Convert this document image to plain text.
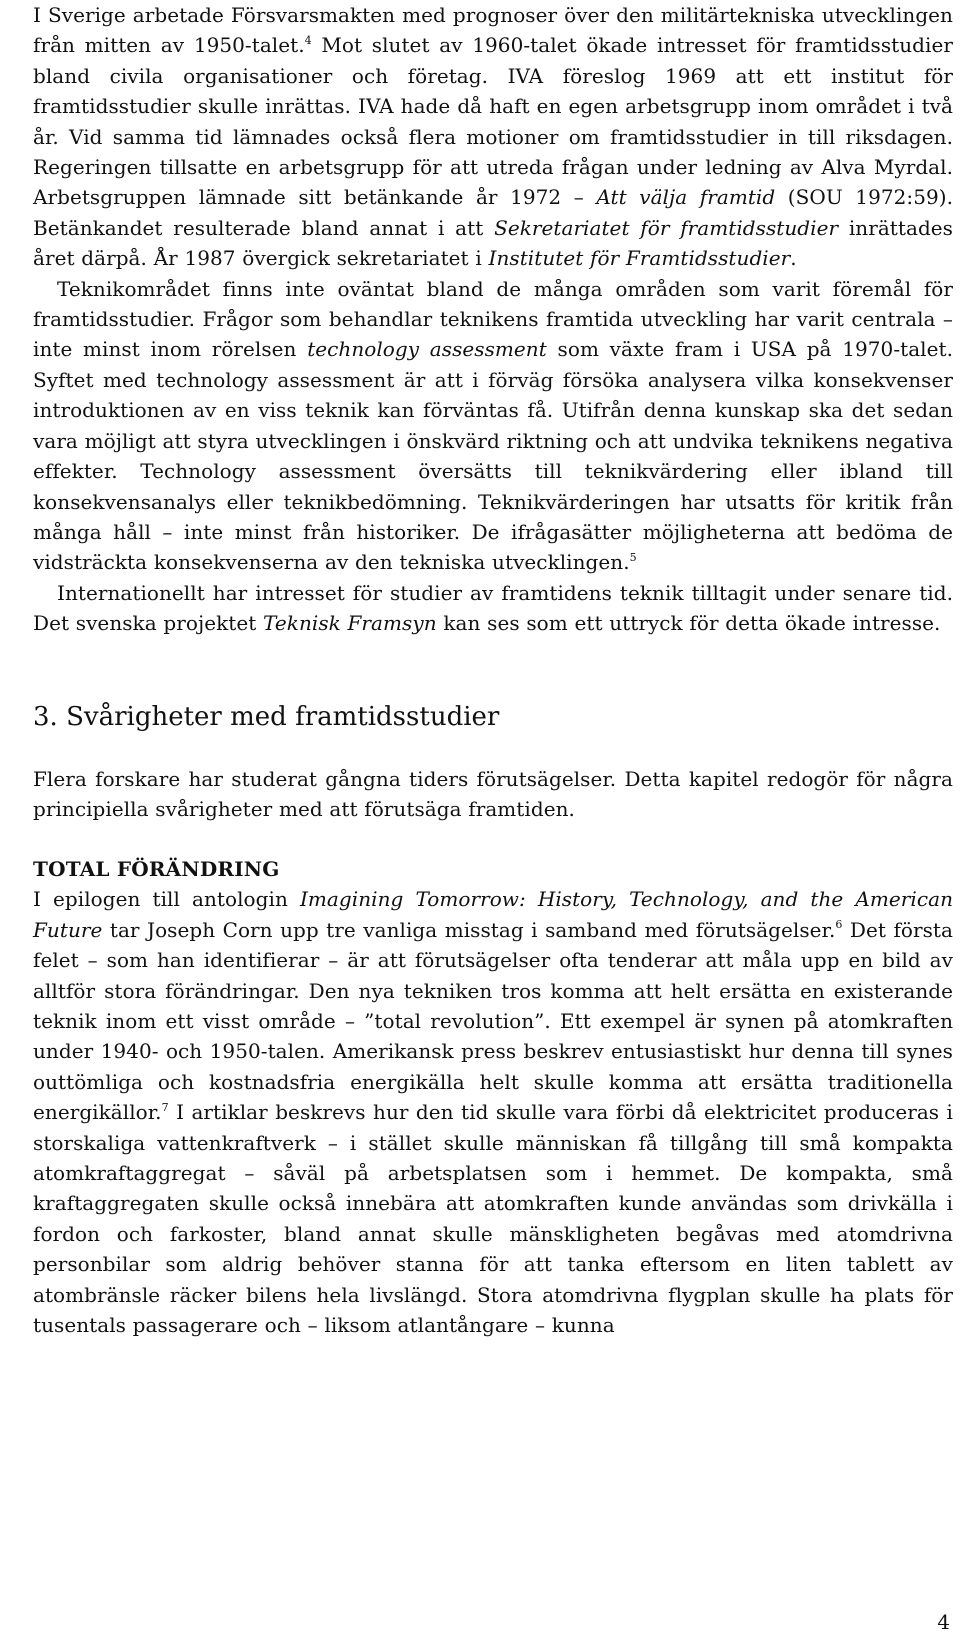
I Sverige arbetade Försvarsmakten med prognoser över den militärtekniska utvecklingen från mitten av 1950-talet.$^4$ Mot slutet av 1960-talet ökade intresset för framtidsstudier bland civila organisationer och företag. IVA föreslog 1969 att ett institut för framtidsstudier skulle inrättas. IVA hade då haft en egen arbetsgrupp inom området i två år. Vid samma tid lämnades också flera motioner om framtidsstudier in till riksdagen. Regeringen tillsatte en arbetsgrupp för att utreda frågan under ledning av Alva Myrdal. Arbetsgruppen lämnade sitt betänkande år 1972 – Att välja framtid (SOU 1972:59). Betänkandet resulterade bland annat i att Sekretariatet för framtidsstudier inrättades året därpå. År 1987 övergick sekretariatet i Institutet för Framtidsstudier.

Teknikområdet finns inte oväntat bland de många områden som varit föremål för framtidsstudier. Frågor som behandlar teknikens framtida utveckling har varit centrala – inte minst inom rörelsen technology assessment som växte fram i USA på 1970-talet. Syftet med technology assessment är att i förväg försöka analysera vilka konsekvenser introduktionen av en viss teknik kan förväntas få. Utifrån denna kunskap ska det sedan vara möjligt att styra utvecklingen i önskvärd riktning och att undvika teknikens negativa effekter. Technology assessment översätts till teknikvärdering eller ibland till konsekvensanalys eller teknikbedömning. Teknikvärderingen har utsatts för kritik från många håll – inte minst från historiker. De ifrågasätter möjligheterna att bedöma de vidsträckta konsekvenserna av den tekniska utvecklingen.$^5$

Internationellt har intresset för studier av framtidens teknik tilltagit under senare tid. Det svenska projektet Teknisk Framsyn kan ses som ett uttryck för detta ökade intresse.

3. Svårigheter med framtidsstudier

Flera forskare har studerat gångna tiders förutsägelser. Detta kapitel redogör för några principiella svårigheter med att förutsäga framtiden.

TOTAL FÖRÄNDRING

I epilogen till antologin Imagining Tomorrow: History, Technology, and the American Future tar Joseph Corn upp tre vanliga misstag i samband med förutsägelser.$^6$ Det första felet – som han identifierar – är att förutsägelser ofta tenderar att måla upp en bild av alltför stora förändringar. Den nya tekniken tros komma att helt ersätta en existerande teknik inom ett visst område – ”total revolution”. Ett exempel är synen på atomkraften under 1940- och 1950-talen. Amerikansk press beskrev entusiastiskt hur denna till synes outtömliga och kostnadsfria energikälla helt skulle komma att ersätta traditionella energikällor.$^7$ I artiklar beskrevs hur den tid skulle vara förbi då elektricitet produceras i storskaliga vattenkraftverk – i stället skulle människan få tillgång till små kompakta atomkraftaggregat – såväl på arbetsplatsen som i hemmet. De kompakta, små kraftaggregaten skulle också innebära att atomkraften kunde användas som drivkälla i fordon och farkoster, bland annat skulle mänskligheten begåvas med atomdrivna personbilar som aldrig behöver stanna för att tanka eftersom en liten tablett av atombränsle räcker bilens hela livslängd. Stora atomdrivna flygplan skulle ha plats för tusentals passagerare och – liksom atlantångare – kunna

4
